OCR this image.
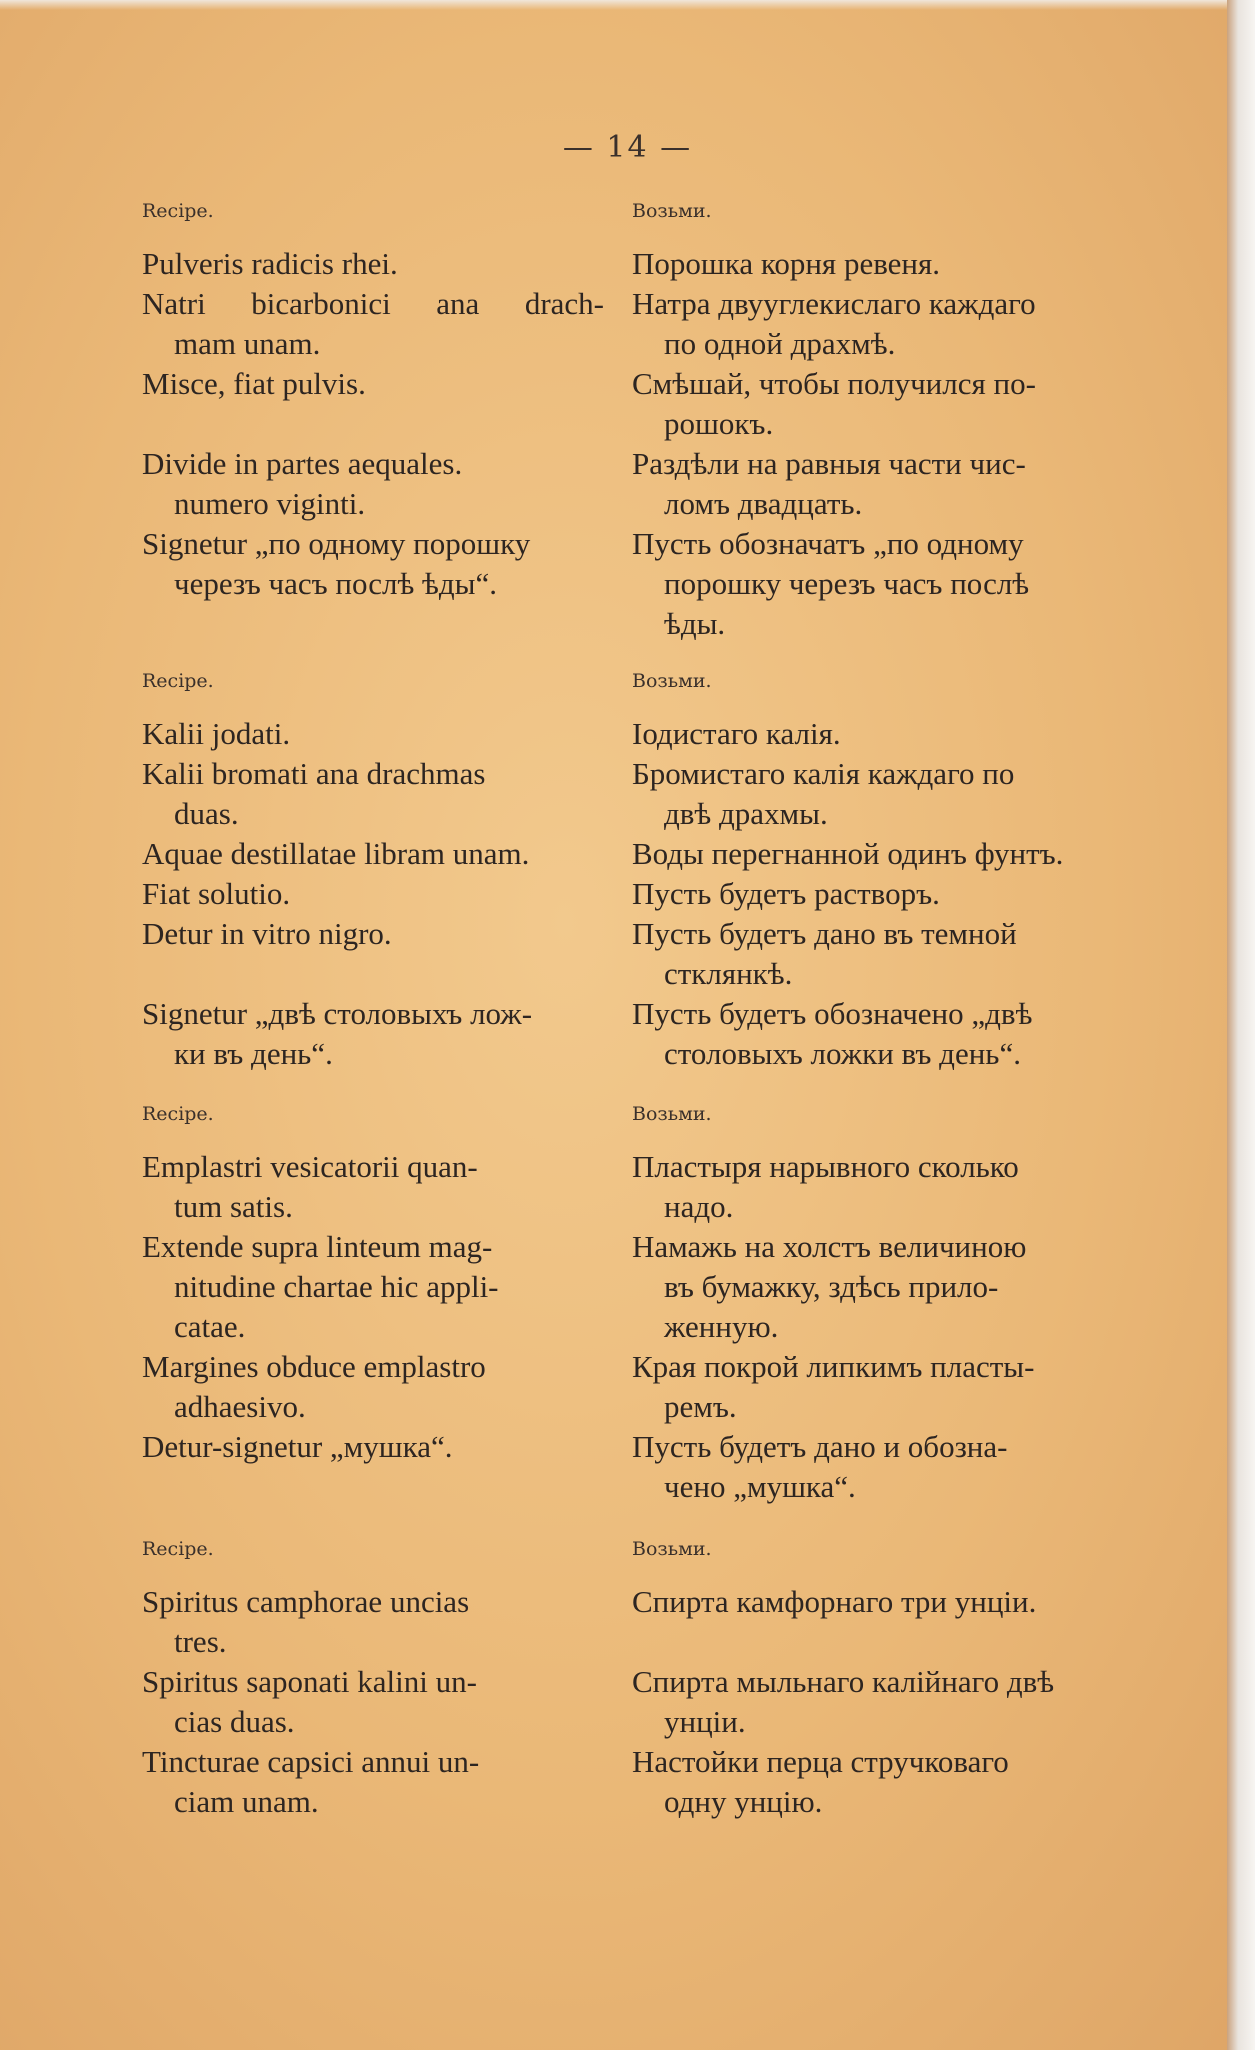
— 14 —
Recipe.
Pulveris radicis rhei.
Natri bicarbonici ana drach-
mam unam.
Misce, fiat pulvis.
Divide in partes aequales.
numero viginti.
Signetur „по одному порошку
черезъ часъ послѣ ѣды“.
Возьми.
Порошка корня ревеня.
Натра двууглекислаго каждаго
по одной драхмѣ.
Смѣшай, чтобы получился по-
рошокъ.
Раздѣли на равныя части чис-
ломъ двадцать.
Пусть обозначатъ „по одному
порошку черезъ часъ послѣ
ѣды.
Recipe.
Kalii jodati.
Kalii bromati ana drachmas
duas.
Aquae destillatae libram unam.
Fiat solutio.
Detur in vitro nigro.
Signetur „двѣ столовыхъ лож-
ки въ день“.
Возьми.
Iодистаго калія.
Бромистаго калія каждаго по
двѣ драхмы.
Воды перегнанной одинъ фунтъ.
Пусть будетъ растворъ.
Пусть будетъ дано въ темной
стклянкѣ.
Пусть будетъ обозначено „двѣ
столовыхъ ложки въ день“.
Recipe.
Emplastri vesicatorii quan-
tum satis.
Extende supra linteum mag-
nitudine chartae hic appli-
catae.
Margines obduce emplastro
adhaesivo.
Detur-signetur „мушка“.
Возьми.
Пластыря нарывного сколько
надо.
Намажь на холстъ величиною
въ бумажку, здѣсь прило-
женную.
Края покрой липкимъ пласты-
ремъ.
Пусть будетъ дано и обозна-
чено „мушка“.
Recipe.
Spiritus camphorae uncias
tres.
Spiritus saponati kalini un-
cias duas.
Tincturae capsici annui un-
ciam unam.
Возьми.
Спирта камфорнаго три унціи.
Спирта мыльнаго калійнаго двѣ
унціи.
Настойки перца стручковаго
одну унцію.
